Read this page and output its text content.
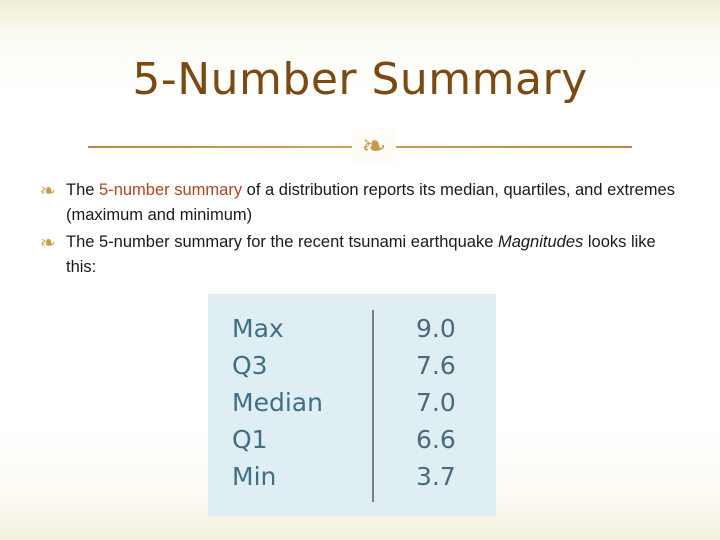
5-Number Summary
❧
❧ The 5-number summary of a distribution reports its median, quartiles, and extremes (maximum and minimum)
❧ The 5-number summary for the recent tsunami earthquake Magnitudes looks like this:
Max
Q3
Median
Q1
Min
9.0
7.6
7.0
6.6
3.7
